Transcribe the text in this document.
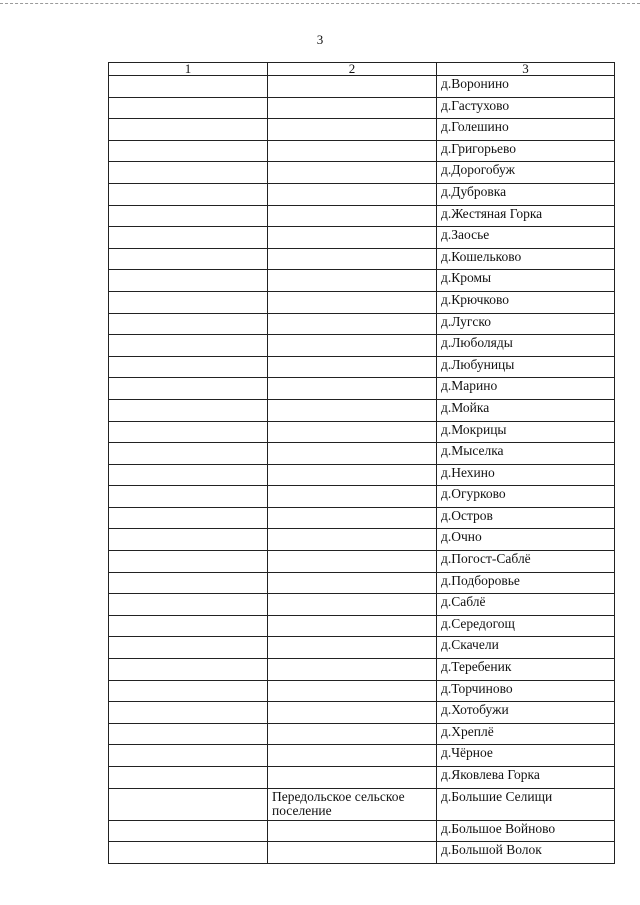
3
1	2	3
		д.Воронино
		д.Гастухово
		д.Голешино
		д.Григорьево
		д.Дорогобуж
		д.Дубровка
		д.Жестяная Горка
		д.Заосье
		д.Кошельково
		д.Кромы
		д.Крючково
		д.Лугско
		д.Люболяды
		д.Любуницы
		д.Марино
		д.Мойка
		д.Мокрицы
		д.Мыселка
		д.Нехино
		д.Огурково
		д.Остров
		д.Очно
		д.Погост-Саблё
		д.Подборовье
		д.Саблё
		д.Середогощ
		д.Скачели
		д.Теребеник
		д.Торчиново
		д.Хотобужи
		д.Хреплё
		д.Чёрное
		д.Яковлева Горка
	Передольское сельское поселение	д.Большие Селищи
		д.Большое Войново
		д.Большой Волок
